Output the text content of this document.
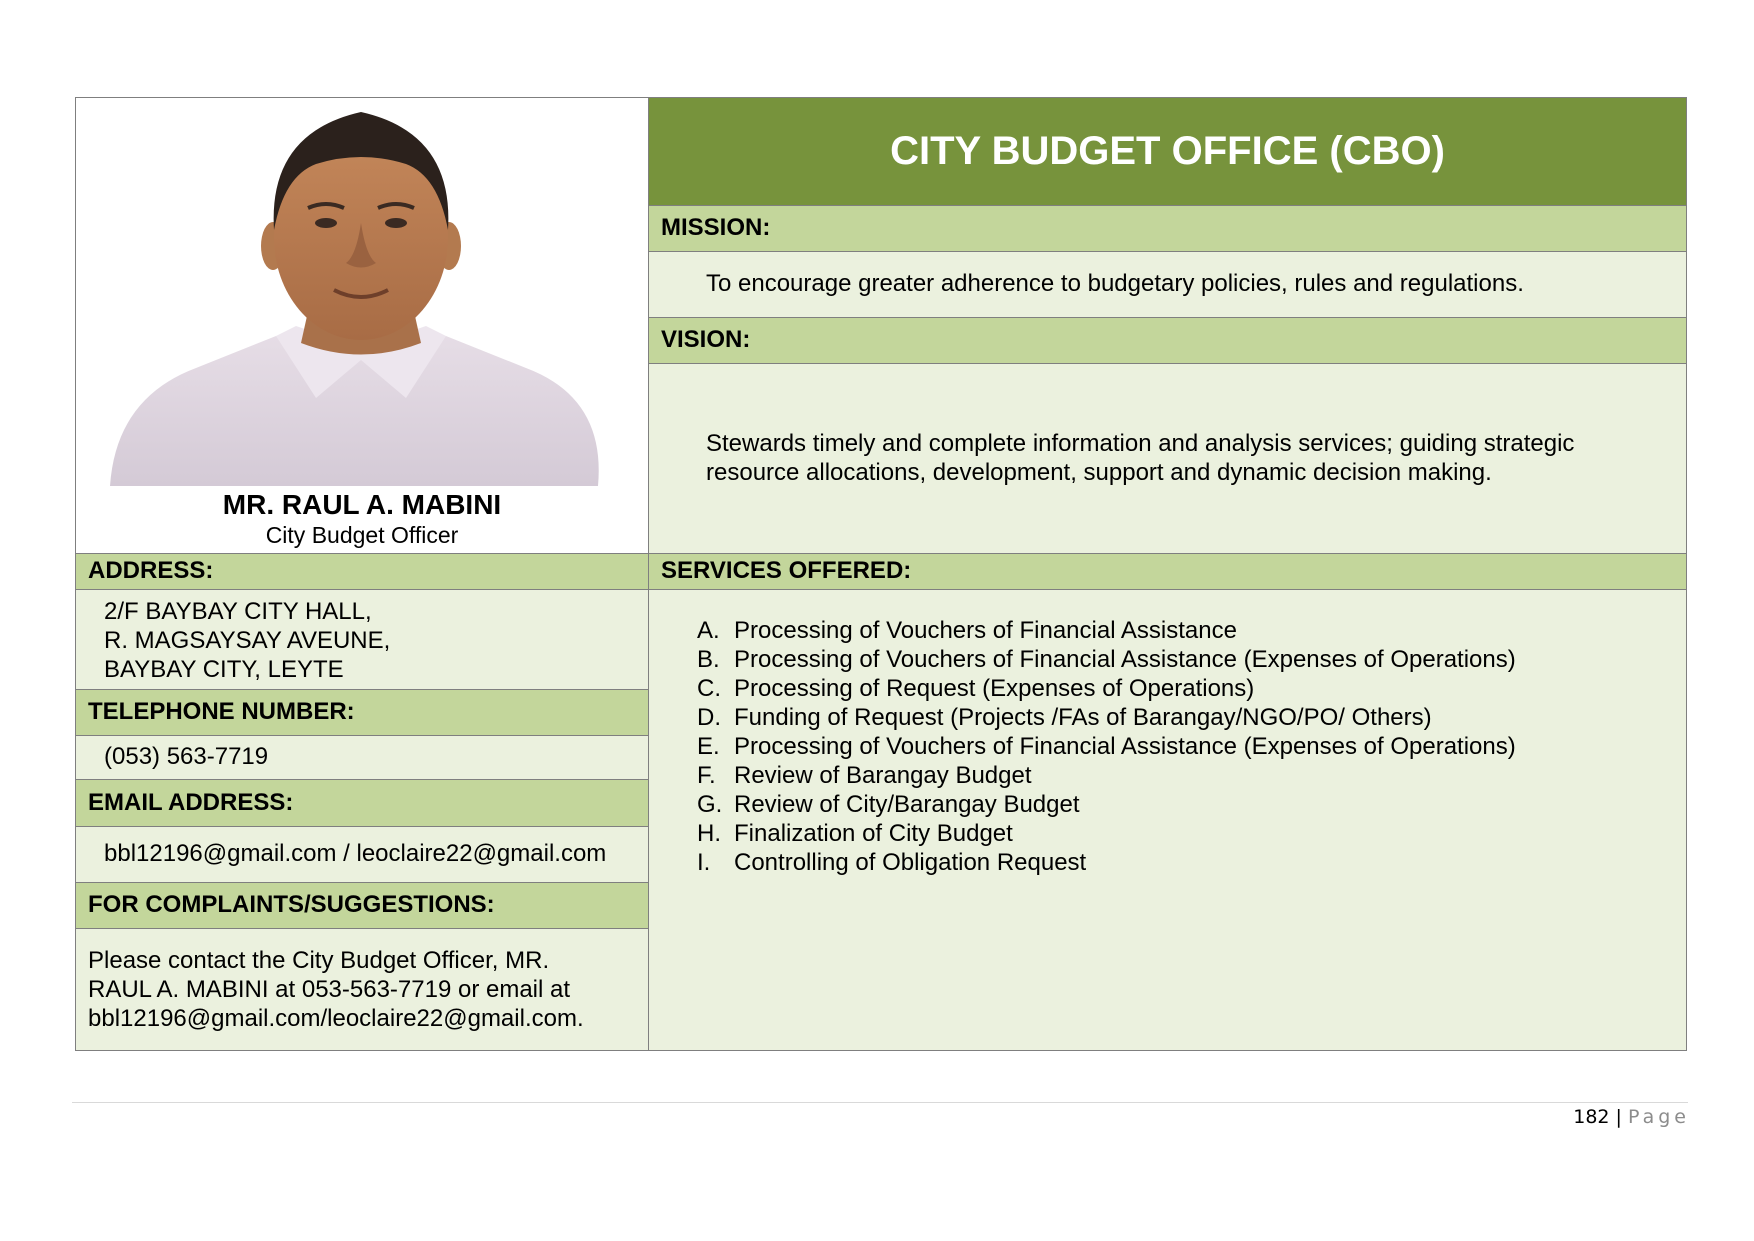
MR. RAUL A. MABINI
City Budget Officer
CITY BUDGET OFFICE (CBO)
MISSION:
To encourage greater adherence to budgetary policies, rules and regulations.
VISION:
Stewards timely and complete information and analysis services; guiding strategic
resource allocations, development, support and dynamic decision making.
ADDRESS:
2/F BAYBAY CITY HALL,
R. MAGSAYSAY AVEUNE,
BAYBAY CITY, LEYTE
TELEPHONE NUMBER:
(053) 563-7719
EMAIL ADDRESS:
bbl12196@gmail.com / leoclaire22@gmail.com
FOR COMPLAINTS/SUGGESTIONS:
Please contact the City Budget Officer, MR.
RAUL A. MABINI at 053-563-7719 or email at
bbl12196@gmail.com/leoclaire22@gmail.com.
SERVICES OFFERED:
A. Processing of Vouchers of Financial Assistance
B. Processing of Vouchers of Financial Assistance (Expenses of Operations)
C. Processing of Request (Expenses of Operations)
D. Funding of Request (Projects /FAs of Barangay/NGO/PO/ Others)
E. Processing of Vouchers of Financial Assistance (Expenses of Operations)
F. Review of Barangay Budget
G. Review of City/Barangay Budget
H. Finalization of City Budget
I. Controlling of Obligation Request
182 | Page
